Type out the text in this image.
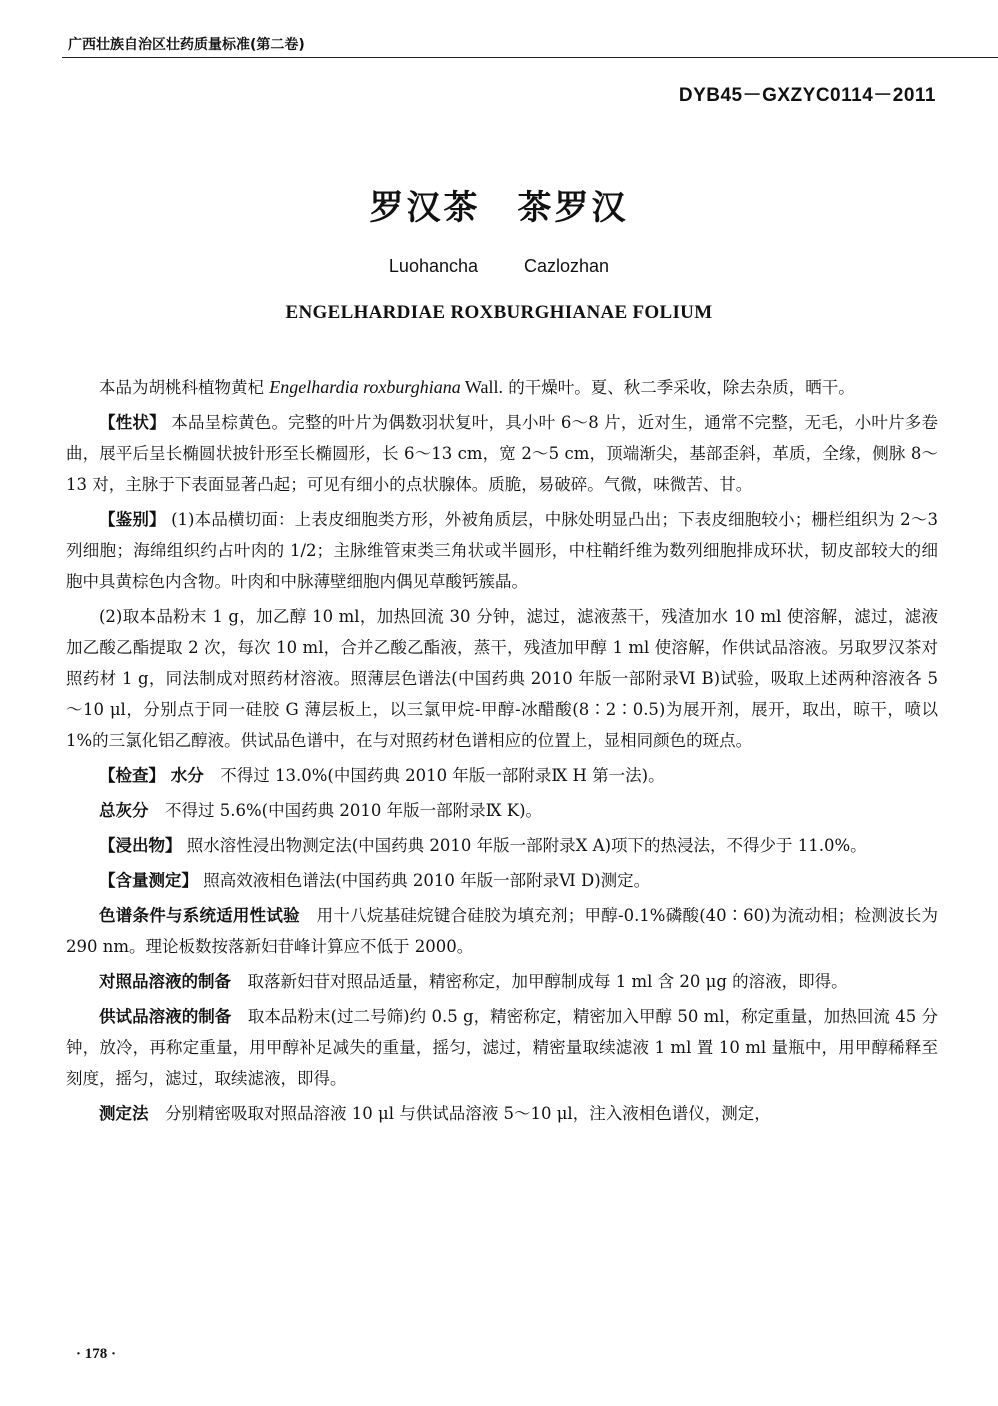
广西壮族自治区壮药质量标准(第二卷)
DYB45－GXZYC0114－2011
罗汉茶　茶罗汉
Luohancha	Cazlozhan
ENGELHARDIAE ROXBURGHIANAE FOLIUM

本品为胡桃科植物黄杞 Engelhardia roxburghiana Wall. 的干燥叶。夏、秋二季采收，除去杂质，晒干。

【性状】 本品呈棕黄色。完整的叶片为偶数羽状复叶，具小叶 6～8 片，近对生，通常不完整，无毛，小叶片多卷曲，展平后呈长椭圆状披针形至长椭圆形，长 6～13 cm，宽 2～5 cm，顶端渐尖，基部歪斜，革质，全缘，侧脉 8～13 对，主脉于下表面显著凸起；可见有细小的点状腺体。质脆，易破碎。气微，味微苦、甘。

【鉴别】 (1)本品横切面：上表皮细胞类方形，外被角质层，中脉处明显凸出；下表皮细胞较小；栅栏组织为 2～3 列细胞；海绵组织约占叶肉的 1/2；主脉维管束类三角状或半圆形，中柱鞘纤维为数列细胞排成环状，韧皮部较大的细胞中具黄棕色内含物。叶肉和中脉薄壁细胞内偶见草酸钙簇晶。

(2)取本品粉末 1 g，加乙醇 10 ml，加热回流 30 分钟，滤过，滤液蒸干，残渣加水 10 ml 使溶解，滤过，滤液加乙酸乙酯提取 2 次，每次 10 ml，合并乙酸乙酯液，蒸干，残渣加甲醇 1 ml 使溶解，作供试品溶液。另取罗汉茶对照药材 1 g，同法制成对照药材溶液。照薄层色谱法(中国药典 2010 年版一部附录Ⅵ B)试验，吸取上述两种溶液各 5～10 μl，分别点于同一硅胶 G 薄层板上，以三氯甲烷-甲醇-冰醋酸(8∶2∶0.5)为展开剂，展开，取出，晾干，喷以 1%的三氯化铝乙醇液。供试品色谱中，在与对照药材色谱相应的位置上，显相同颜色的斑点。

【检查】 水分　不得过 13.0%(中国药典 2010 年版一部附录Ⅸ H 第一法)。

总灰分　不得过 5.6%(中国药典 2010 年版一部附录Ⅸ K)。

【浸出物】 照水溶性浸出物测定法(中国药典 2010 年版一部附录Ⅹ A)项下的热浸法，不得少于 11.0%。

【含量测定】 照高效液相色谱法(中国药典 2010 年版一部附录Ⅵ D)测定。

色谱条件与系统适用性试验　用十八烷基硅烷键合硅胶为填充剂；甲醇-0.1%磷酸(40∶60)为流动相；检测波长为 290 nm。理论板数按落新妇苷峰计算应不低于 2000。

对照品溶液的制备　取落新妇苷对照品适量，精密称定，加甲醇制成每 1 ml 含 20 μg 的溶液，即得。

供试品溶液的制备　取本品粉末(过二号筛)约 0.5 g，精密称定，精密加入甲醇 50 ml，称定重量，加热回流 45 分钟，放冷，再称定重量，用甲醇补足减失的重量，摇匀，滤过，精密量取续滤液 1 ml 置 10 ml 量瓶中，用甲醇稀释至刻度，摇匀，滤过，取续滤液，即得。

测定法　分别精密吸取对照品溶液 10 μl 与供试品溶液 5～10 μl，注入液相色谱仪，测定，

· 178 ·
